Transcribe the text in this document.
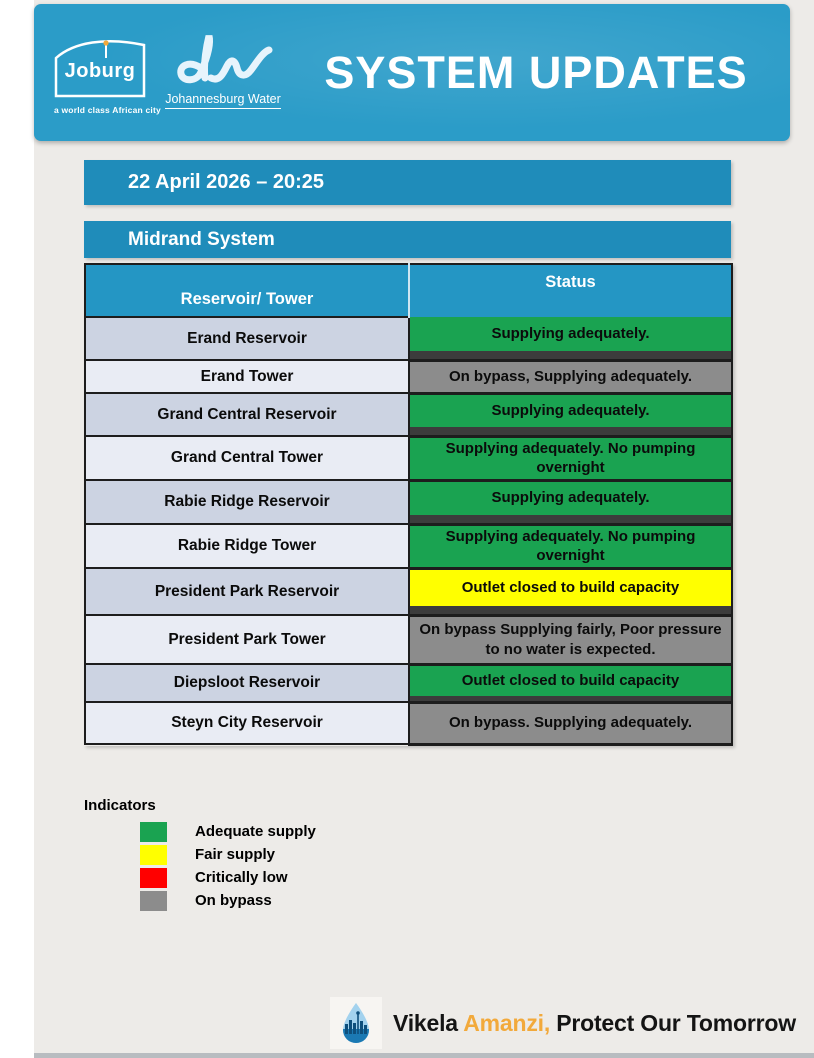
Joburg
a world class African city
Johannesburg Water
SYSTEM UPDATES
22 April 2026 – 20:25
Midrand System
Reservoir/ Tower	Status
Erand Reservoir	Supplying adequately.

Erand Tower	On bypass, Supplying adequately.

Grand Central Reservoir	Supplying adequately.

Grand Central Tower	Supplying adequately. No pumping overnight

Rabie Ridge Reservoir	Supplying adequately.

Rabie Ridge Tower	Supplying adequately. No pumping overnight

President Park Reservoir	Outlet closed to build capacity

President Park Tower	On bypass Supplying fairly, Poor pressure to no water is expected.

Diepsloot Reservoir	Outlet closed to build capacity

Steyn City Reservoir	On bypass. Supplying adequately.
Indicators
Adequate supply
Fair supply
Critically low
On bypass
Vikela Amanzi, Protect Our Tomorrow
